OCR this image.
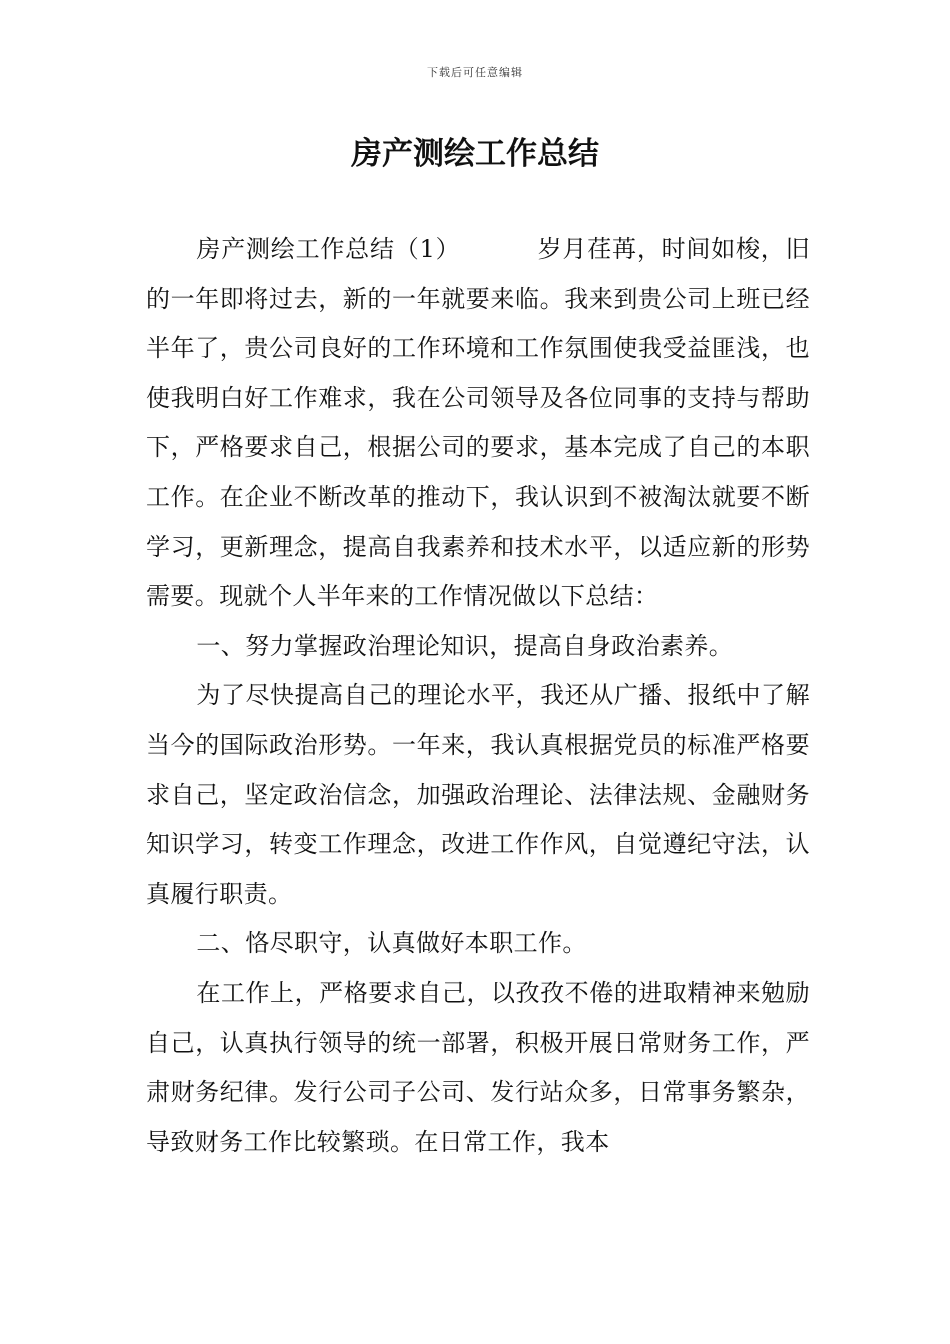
下载后可任意编辑
房产测绘工作总结

房产测绘工作总结（1）	岁月荏苒，时间如梭，旧的一年即将过去，新的一年就要来临。我来到贵公司上班已经半年了，贵公司良好的工作环境和工作氛围使我受益匪浅，也使我明白好工作难求，我在公司领导及各位同事的支持与帮助下，严格要求自己，根据公司的要求，基本完成了自己的本职工作。在企业不断改革的推动下，我认识到不被淘汰就要不断学习，更新理念，提高自我素养和技术水平，以适应新的形势需要。现就个人半年来的工作情况做以下总结：

一、努力掌握政治理论知识，提高自身政治素养。

为了尽快提高自己的理论水平，我还从广播、报纸中了解当今的国际政治形势。一年来，我认真根据党员的标准严格要求自己，坚定政治信念，加强政治理论、法律法规、金融财务知识学习，转变工作理念，改进工作作风，自觉遵纪守法，认真履行职责。

二、恪尽职守，认真做好本职工作。

在工作上，严格要求自己，以孜孜不倦的进取精神来勉励自己，认真执行领导的统一部署，积极开展日常财务工作，严肃财务纪律。发行公司子公司、发行站众多，日常事务繁杂，导致财务工作比较繁琐。在日常工作，我本
